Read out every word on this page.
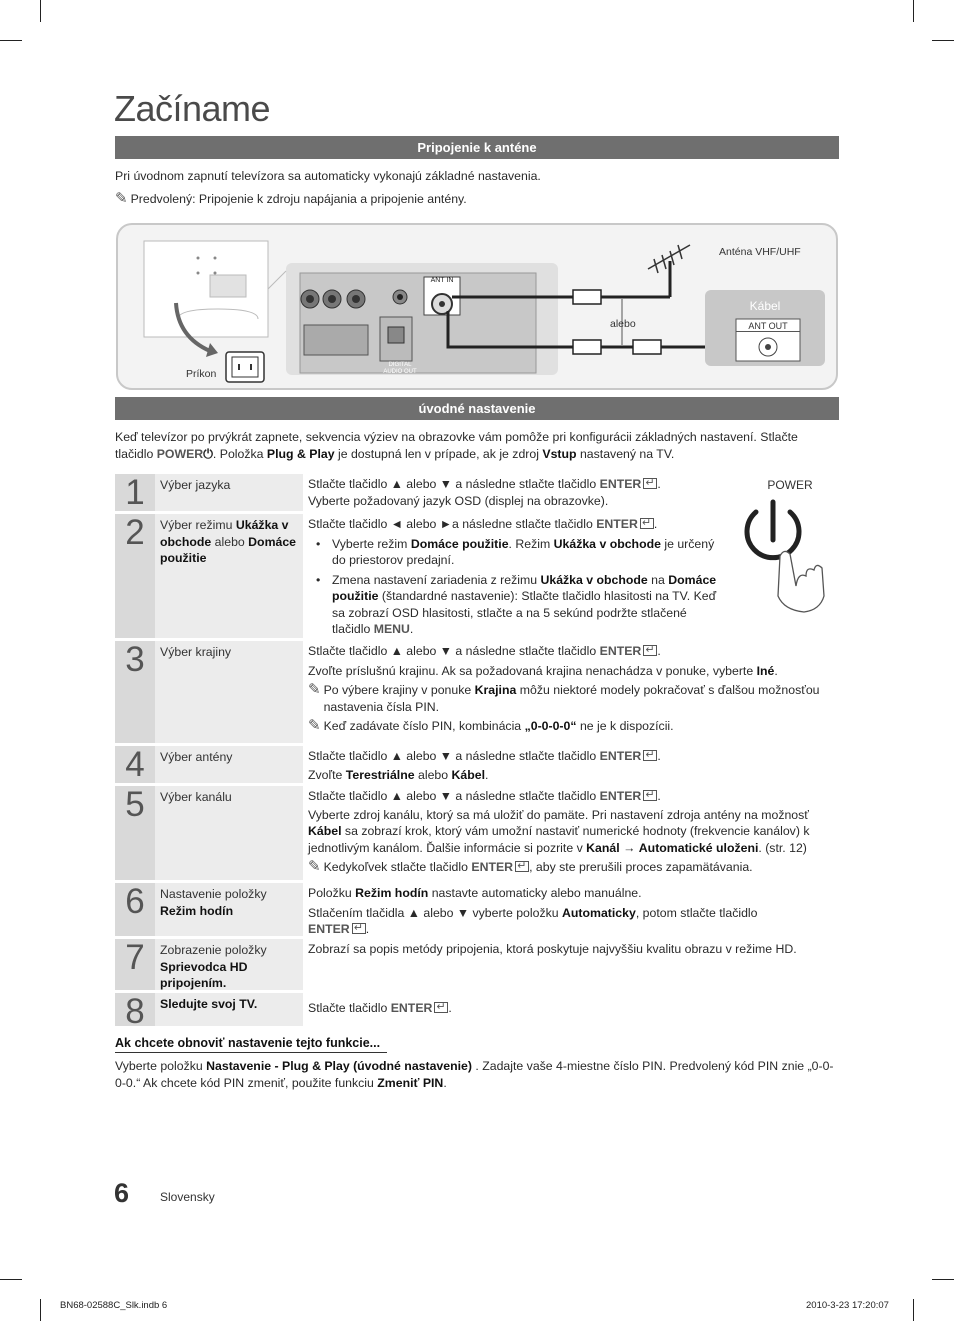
Začíname
Pripojenie k anténe
Pri úvodnom zapnutí televízora sa automaticky vykonajú základné nastavenia.
✎ Predvolený: Pripojenie k zdroju napájania a pripojenie antény.
Anténa VHF/UHF
Kábel
ANT OUT
ANT IN
alebo
Príkon
DIGITAL AUDIO OUT
úvodné nastavenie
Keď televízor po prvýkrát zapnete, sekvencia výziev na obrazovke vám pomôže pri konfigurácii základných nastavení. Stlačte tlačidlo POWER⏻. Položka Plug & Play je dostupná len v prípade, ak je zdroj Vstup nastavený na TV.
POWER
1	Výber jazyka	Stlačte tlačidlo ▲ alebo ▼ a následne stlačte tlačidlo ENTER ↵ .
Vyberte požadovaný jazyk OSD (displej na obrazovke).
2	Výber režimu Ukážka v obchode alebo Domáce použitie
Stlačte tlačidlo ◄ alebo ►a následne stlačte tlačidlo ENTER ↵ .
• Vyberte režim Domáce použitie. Režim Ukážka v obchode je určený do priestorov predajní.
• Zmena nastavení zariadenia z režimu Ukážka v obchode na Domáce použitie (štandardné nastavenie): Stlačte tlačidlo hlasitosti na TV. Keď sa zobrazí OSD hlasitosti, stlačte a na 5 sekúnd podržte stlačené tlačidlo MENU.
3	Výber krajiny	Stlačte tlačidlo ▲ alebo ▼ a následne stlačte tlačidlo ENTER ↵ .
Zvoľte príslušnú krajinu. Ak sa požadovaná krajina nenachádza v ponuke, vyberte Iné.
✎ Po výbere krajiny v ponuke Krajina môžu niektoré modely pokračovať s ďalšou možnosťou nastavenia čísla PIN.
✎ Keď zadávate číslo PIN, kombinácia „0-0-0-0“ ne je k dispozícii.
4	Výber antény	Stlačte tlačidlo ▲ alebo ▼ a následne stlačte tlačidlo ENTER ↵ .
Zvoľte Terestriálne alebo Kábel.
5	Výber kanálu	Stlačte tlačidlo ▲ alebo ▼ a následne stlačte tlačidlo ENTER ↵ .
Vyberte zdroj kanálu, ktorý sa má uložiť do pamäte. Pri nastavení zdroja antény na možnosť Kábel sa zobrazí krok, ktorý vám umožní nastaviť numerické hodnoty (frekvencie kanálov) k jednotlivým kanálom. Ďalšie informácie si pozrite v Kanál → Automatické uloženi. (str. 12)
✎ Kedykoľvek stlačte tlačidlo ENTER ↵ , aby ste prerušili proces zapamätávania.
6	Nastavenie položky
Režim hodín
Položku Režim hodín nastavte automaticky alebo manuálne.
Stlačením tlačidla ▲ alebo ▼ vyberte položku Automaticky, potom stlačte tlačidlo
ENTER ↵ .
7	Zobrazenie položky
Sprievodca HD pripojením.
Zobrazí sa popis metódy pripojenia, ktorá poskytuje najvyššiu kvalitu obrazu v režime HD.
8	Sledujte svoj TV.	Stlačte tlačidlo ENTER ↵ .
Ak chcete obnoviť nastavenie tejto funkcie...
Vyberte položku Nastavenie - Plug & Play (úvodné nastavenie) . Zadajte vaše 4-miestne číslo PIN. Predvolený kód PIN znie „0-0-0-0.“ Ak chcete kód PIN zmeniť, použite funkciu Zmeniť PIN.
6	Slovensky
BN68-02588C_Slk.indb 6	2010-3-23 17:20:07
